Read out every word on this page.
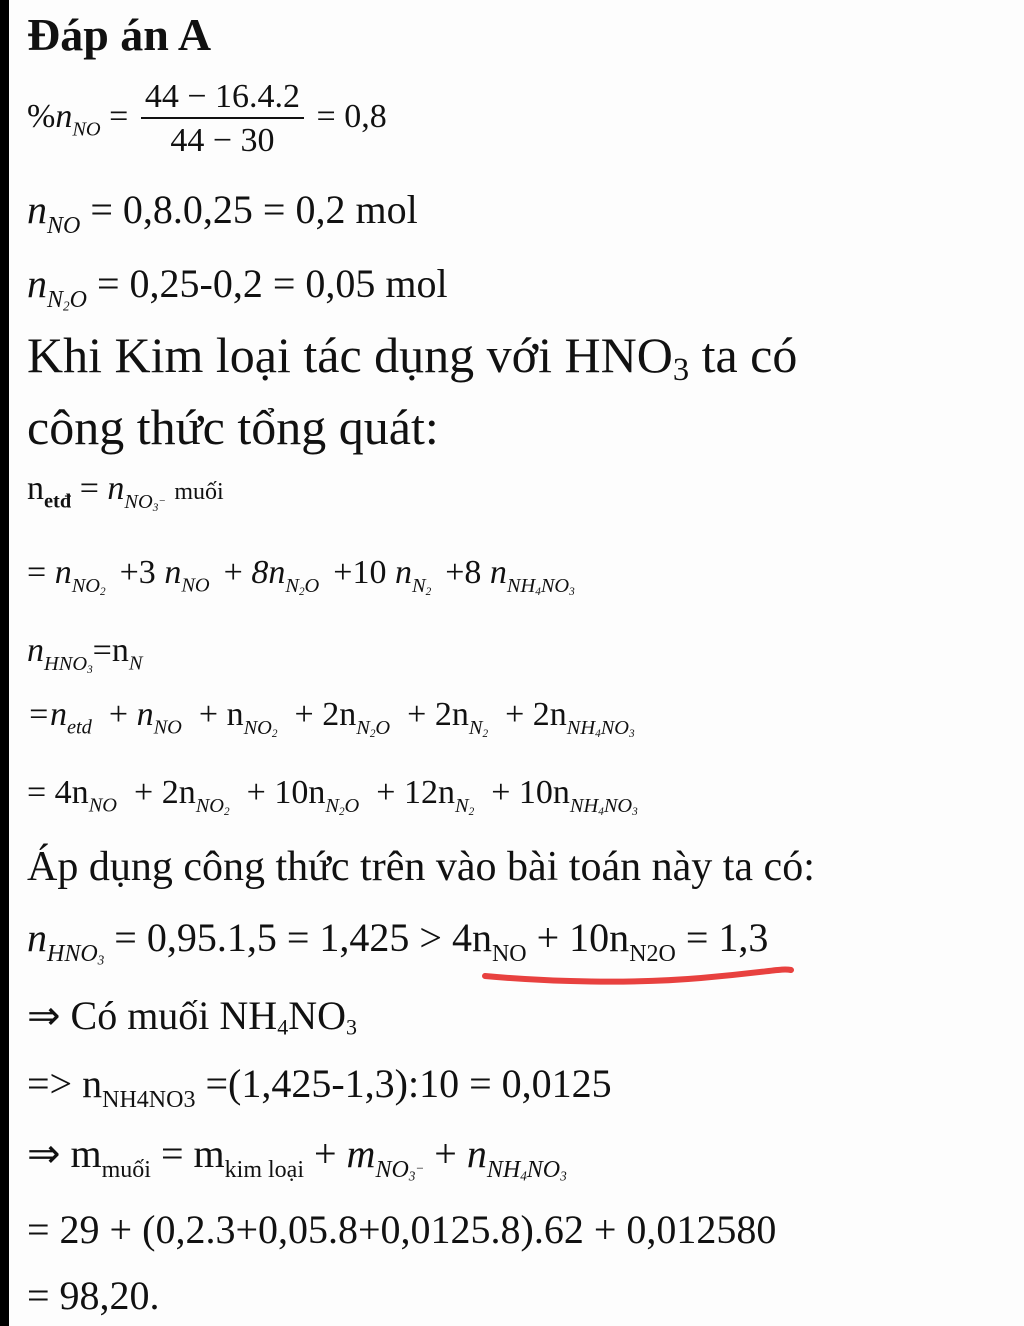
Đáp án A
$\%n_{NO} = \frac{44 - 16.4.2}{44 - 30} = 0,8$
$n_{NO} = 0,8.0,25 = 0,2$ mol
$n_{N2O} = 0,25-0,2 = 0,05$ mol
Khi Kim loại tác dụng với HNO3 ta có
công thức tổng quát:
$n_{etđ} = n_{NO3-}$ muối
= $n_{NO2}+3$ $n_{NO} + 8n_{N2O} +10$ $n_{N2}+8$ $n_{NH4NO3}$
$n_{HNO3}=n_N$
$=n_{etd} + n_{NO} + n_{NO2} + 2n_{N2O} + 2n_{N2} + 2n_{NH4NO3}$
= $4n_{NO} + 2n_{NO2} + 10n_{N2O} + 12n_{N2} + 10n_{NH4NO3}$
Áp dụng công thức trên vào bài toán này ta có:
$n_{HNO3} = 0,95.1,5 = 1,425 > 4n_{NO} + 10n_{N2O} = 1,3$
⇒ Có muối NH4NO3
=> $n_{NH4NO3}$ =(1,425-1,3):10 = 0,0125
⇒ $m_{muối} = m_{kim loại} + m_{NO3-} + n_{NH4NO3}$
= 29 + (0,2.3+0,05.8+0,0125.8).62 + 0,012580
= 98,20.
